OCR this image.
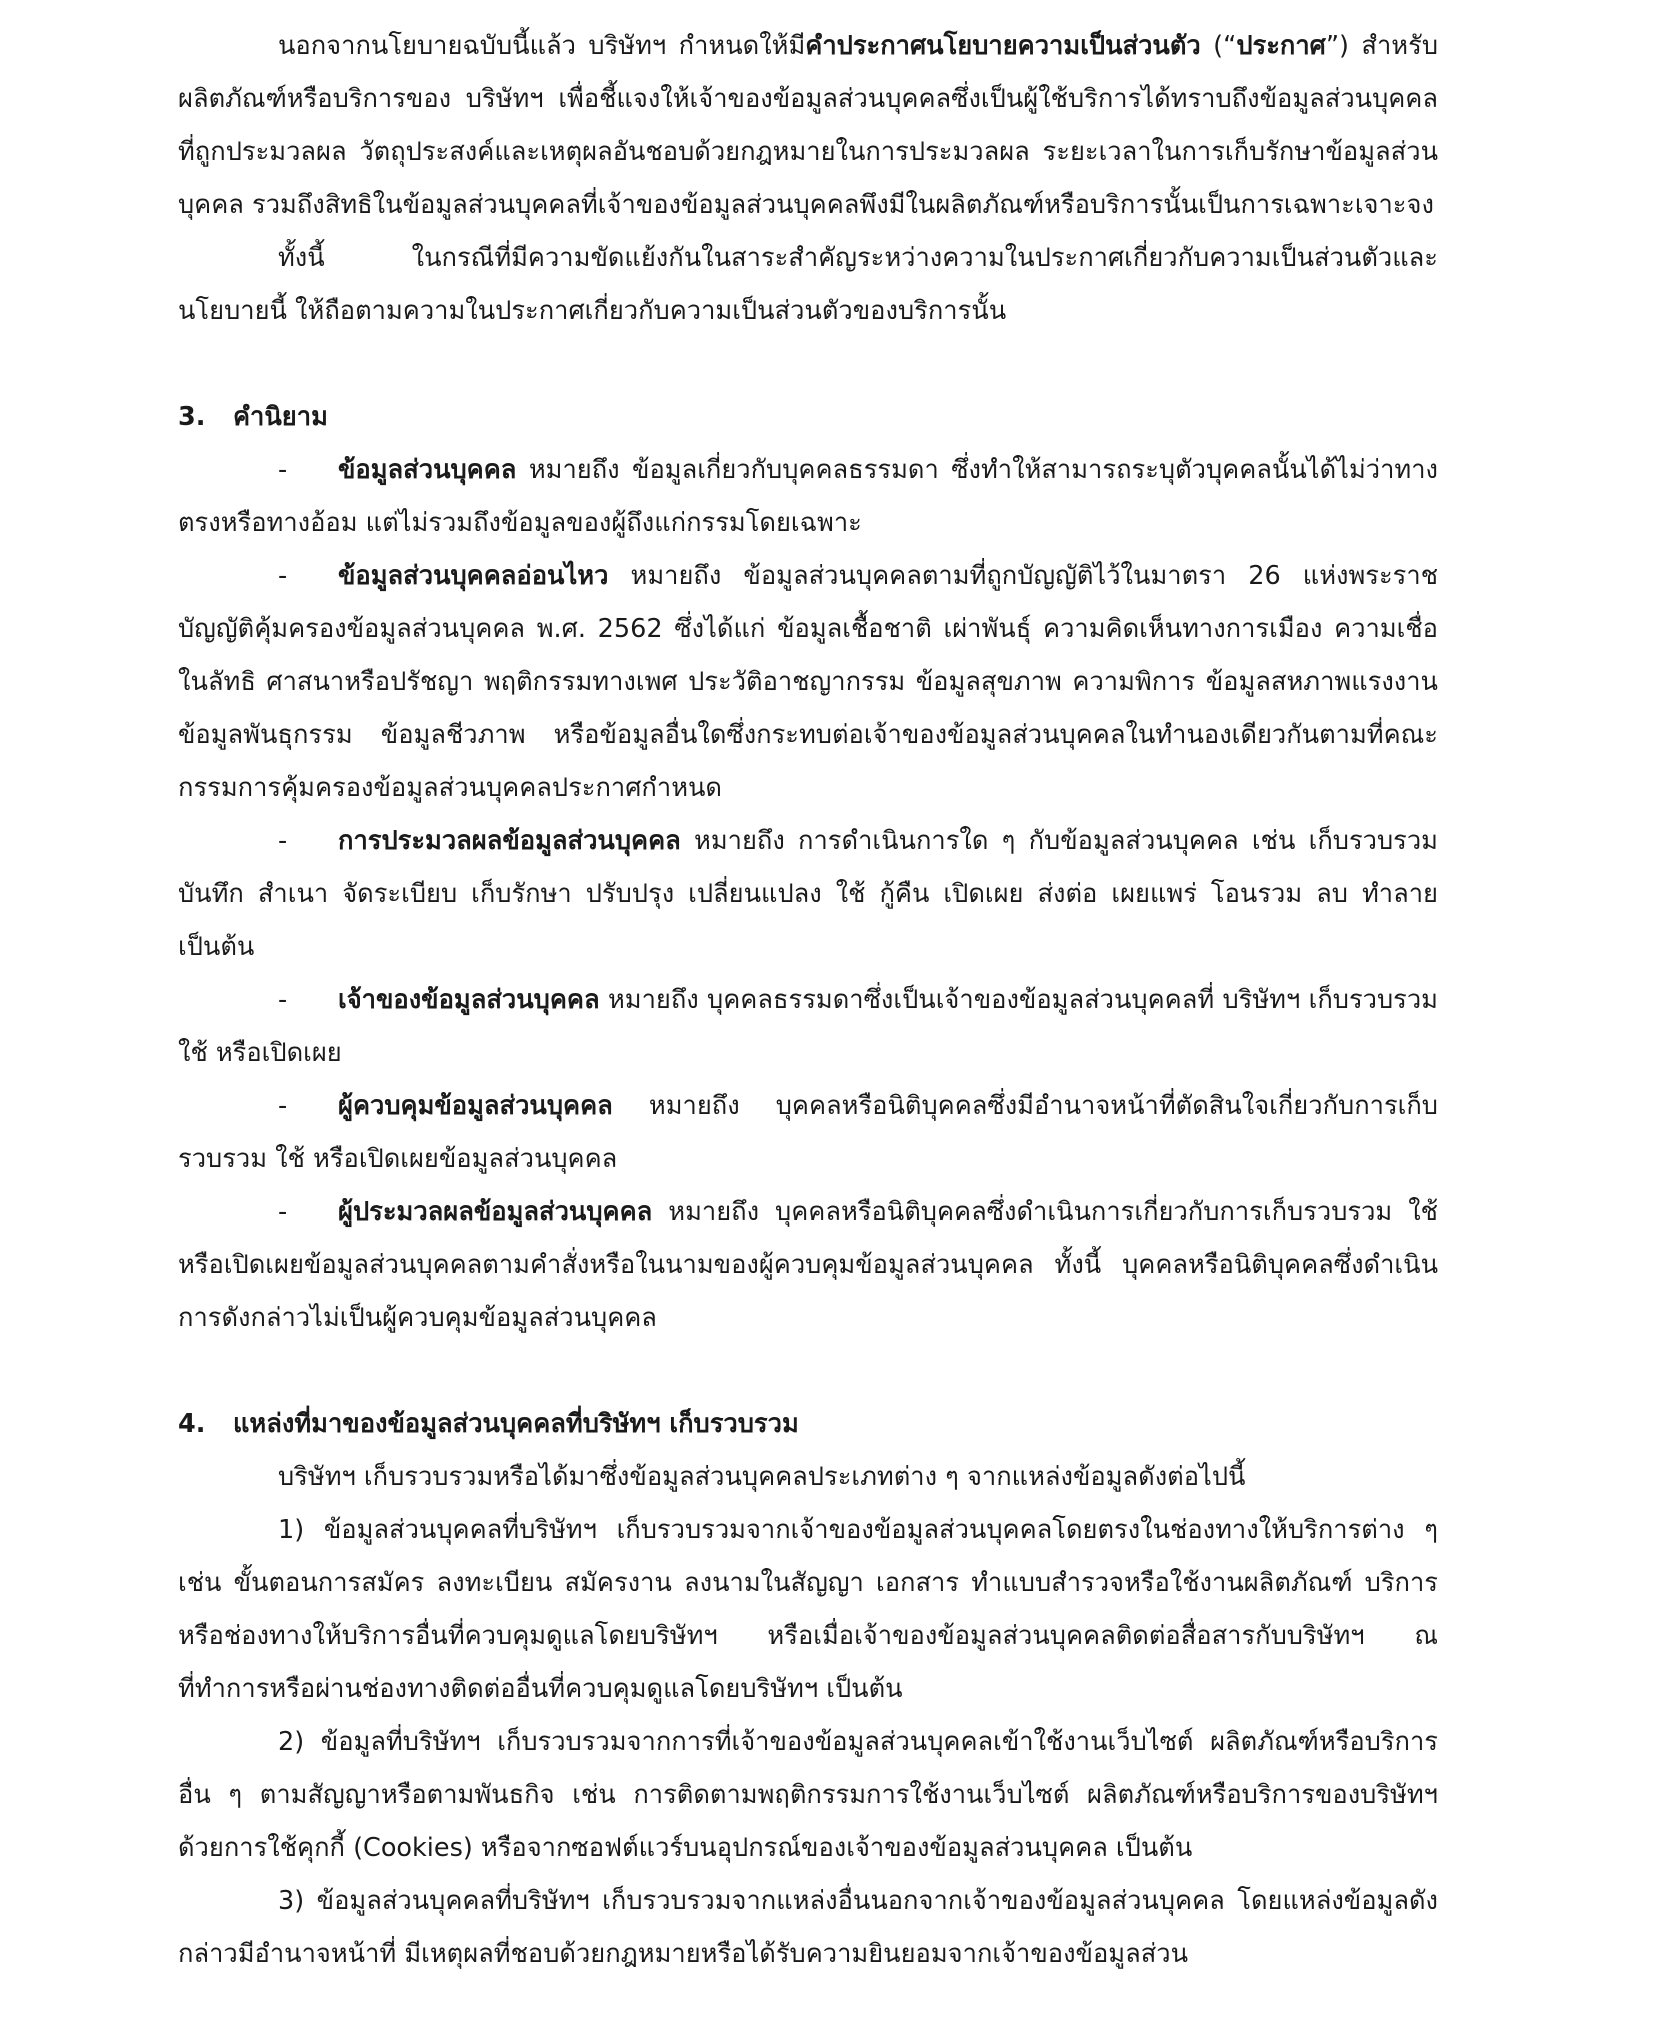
นอกจากนโยบายฉบับนี้แล้ว บริษัทฯ กำหนดให้มีคำประกาศนโยบายความเป็นส่วนตัว (“ประกาศ”) สำหรับผลิตภัณฑ์หรือบริการของ บริษัทฯ เพื่อชี้แจงให้เจ้าของข้อมูลส่วนบุคคลซึ่งเป็นผู้ใช้บริการได้ทราบถึงข้อมูลส่วนบุคคลที่ถูกประมวลผล วัตถุประสงค์และเหตุผลอันชอบด้วยกฎหมายในการประมวลผล ระยะเวลาในการเก็บรักษาข้อมูลส่วนบุคคล รวมถึงสิทธิในข้อมูลส่วนบุคคลที่เจ้าของข้อมูลส่วนบุคคลพึงมีในผลิตภัณฑ์หรือบริการนั้นเป็นการเฉพาะเจาะจง

ทั้งนี้ ในกรณีที่มีความขัดแย้งกันในสาระสำคัญระหว่างความในประกาศเกี่ยวกับความเป็นส่วนตัวและนโยบายนี้ ให้ถือตามความในประกาศเกี่ยวกับความเป็นส่วนตัวของบริการนั้น

3.	คำนิยาม

- ข้อมูลส่วนบุคคล หมายถึง ข้อมูลเกี่ยวกับบุคคลธรรมดา ซึ่งทำให้สามารถระบุตัวบุคคลนั้นได้ไม่ว่าทางตรงหรือทางอ้อม แต่ไม่รวมถึงข้อมูลของผู้ถึงแก่กรรมโดยเฉพาะ

- ข้อมูลส่วนบุคคลอ่อนไหว หมายถึง ข้อมูลส่วนบุคคลตามที่ถูกบัญญัติไว้ในมาตรา 26 แห่งพระราชบัญญัติคุ้มครองข้อมูลส่วนบุคคล พ.ศ. 2562 ซึ่งได้แก่ ข้อมูลเชื้อชาติ เผ่าพันธุ์ ความคิดเห็นทางการเมือง ความเชื่อในลัทธิ ศาสนาหรือปรัชญา พฤติกรรมทางเพศ ประวัติอาชญากรรม ข้อมูลสุขภาพ ความพิการ ข้อมูลสหภาพแรงงาน ข้อมูลพันธุกรรม ข้อมูลชีวภาพ หรือข้อมูลอื่นใดซึ่งกระทบต่อเจ้าของข้อมูลส่วนบุคคลในทำนองเดียวกันตามที่คณะกรรมการคุ้มครองข้อมูลส่วนบุคคลประกาศกำหนด

- การประมวลผลข้อมูลส่วนบุคคล หมายถึง การดำเนินการใด ๆ กับข้อมูลส่วนบุคคล เช่น เก็บรวบรวม บันทึก สำเนา จัดระเบียบ เก็บรักษา ปรับปรุง เปลี่ยนแปลง ใช้ กู้คืน เปิดเผย ส่งต่อ เผยแพร่ โอนรวม ลบ ทำลาย เป็นต้น

- เจ้าของข้อมูลส่วนบุคคล หมายถึง บุคคลธรรมดาซึ่งเป็นเจ้าของข้อมูลส่วนบุคคลที่ บริษัทฯ เก็บรวบรวม ใช้ หรือเปิดเผย

- ผู้ควบคุมข้อมูลส่วนบุคคล หมายถึง บุคคลหรือนิติบุคคลซึ่งมีอำนาจหน้าที่ตัดสินใจเกี่ยวกับการเก็บรวบรวม ใช้ หรือเปิดเผยข้อมูลส่วนบุคคล

- ผู้ประมวลผลข้อมูลส่วนบุคคล หมายถึง บุคคลหรือนิติบุคคลซึ่งดำเนินการเกี่ยวกับการเก็บรวบรวม ใช้ หรือเปิดเผยข้อมูลส่วนบุคคลตามคำสั่งหรือในนามของผู้ควบคุมข้อมูลส่วนบุคคล ทั้งนี้ บุคคลหรือนิติบุคคลซึ่งดำเนินการดังกล่าวไม่เป็นผู้ควบคุมข้อมูลส่วนบุคคล

4.	แหล่งที่มาของข้อมูลส่วนบุคคลที่บริษัทฯ เก็บรวบรวม

บริษัทฯ เก็บรวบรวมหรือได้มาซึ่งข้อมูลส่วนบุคคลประเภทต่าง ๆ จากแหล่งข้อมูลดังต่อไปนี้

1) ข้อมูลส่วนบุคคลที่บริษัทฯ เก็บรวบรวมจากเจ้าของข้อมูลส่วนบุคคลโดยตรงในช่องทางให้บริการต่าง ๆ เช่น ขั้นตอนการสมัคร ลงทะเบียน สมัครงาน ลงนามในสัญญา เอกสาร ทำแบบสำรวจหรือใช้งานผลิตภัณฑ์ บริการ หรือช่องทางให้บริการอื่นที่ควบคุมดูแลโดยบริษัทฯ หรือเมื่อเจ้าของข้อมูลส่วนบุคคลติดต่อสื่อสารกับบริษัทฯ ณ ที่ทำการหรือผ่านช่องทางติดต่ออื่นที่ควบคุมดูแลโดยบริษัทฯ เป็นต้น

2) ข้อมูลที่บริษัทฯ เก็บรวบรวมจากการที่เจ้าของข้อมูลส่วนบุคคลเข้าใช้งานเว็บไซต์ ผลิตภัณฑ์หรือบริการอื่น ๆ ตามสัญญาหรือตามพันธกิจ เช่น การติดตามพฤติกรรมการใช้งานเว็บไซต์ ผลิตภัณฑ์หรือบริการของบริษัทฯ ด้วยการใช้คุกกี้ (Cookies) หรือจากซอฟต์แวร์บนอุปกรณ์ของเจ้าของข้อมูลส่วนบุคคล เป็นต้น

3) ข้อมูลส่วนบุคคลที่บริษัทฯ เก็บรวบรวมจากแหล่งอื่นนอกจากเจ้าของข้อมูลส่วนบุคคล โดยแหล่งข้อมูลดังกล่าวมีอำนาจหน้าที่ มีเหตุผลที่ชอบด้วยกฎหมายหรือได้รับความยินยอมจากเจ้าของข้อมูลส่วน
